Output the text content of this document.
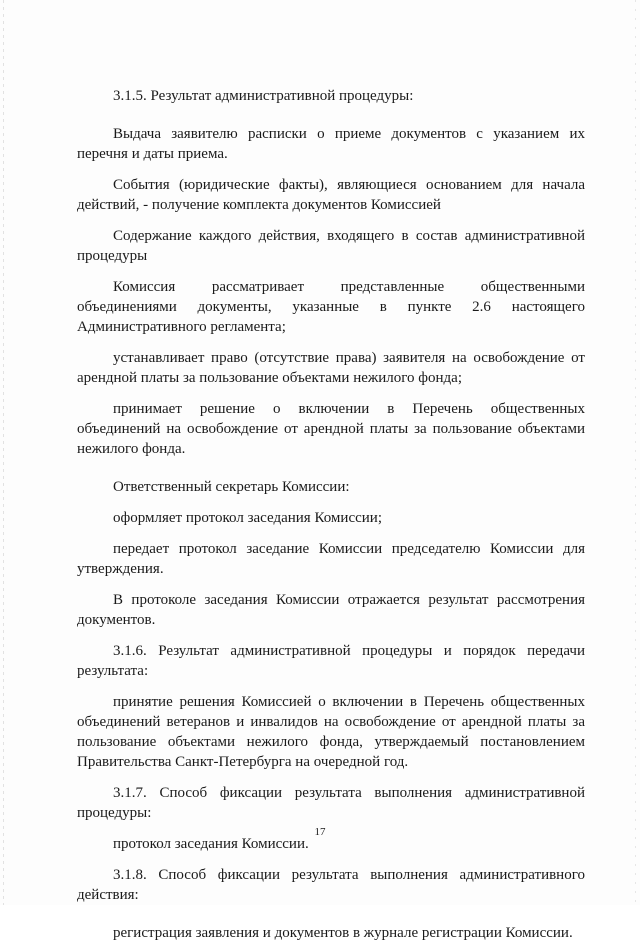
3.1.5. Результат административной процедуры:

Выдача заявителю расписки о приеме документов с указанием их перечня и даты приема.

События (юридические факты), являющиеся основанием для начала действий, - получение комплекта документов Комиссией

Содержание каждого действия, входящего в состав административной процедуры

Комиссия рассматривает представленные общественными объединениями документы, указанные в пункте 2.6 настоящего Административного регламента;

устанавливает право (отсутствие права) заявителя на освобождение от арендной платы за пользование объектами нежилого фонда;

принимает решение о включении в Перечень общественных объединений на освобождение от арендной платы за пользование объектами нежилого фонда.

Ответственный секретарь Комиссии:

оформляет протокол заседания Комиссии;

передает протокол заседание Комиссии председателю Комиссии для утверждения.

В протоколе заседания Комиссии отражается результат рассмотрения документов.

3.1.6. Результат административной процедуры и порядок передачи результата:

принятие решения Комиссией о включении в Перечень общественных объединений ветеранов и инвалидов на освобождение от арендной платы за пользование объектами нежилого фонда, утверждаемый постановлением Правительства Санкт-Петербурга на очередной год.

3.1.7. Способ фиксации результата выполнения административной процедуры:

протокол заседания Комиссии.

3.1.8. Способ фиксации результата выполнения административного действия:

регистрация заявления и документов в журнале регистрации Комиссии.

17
